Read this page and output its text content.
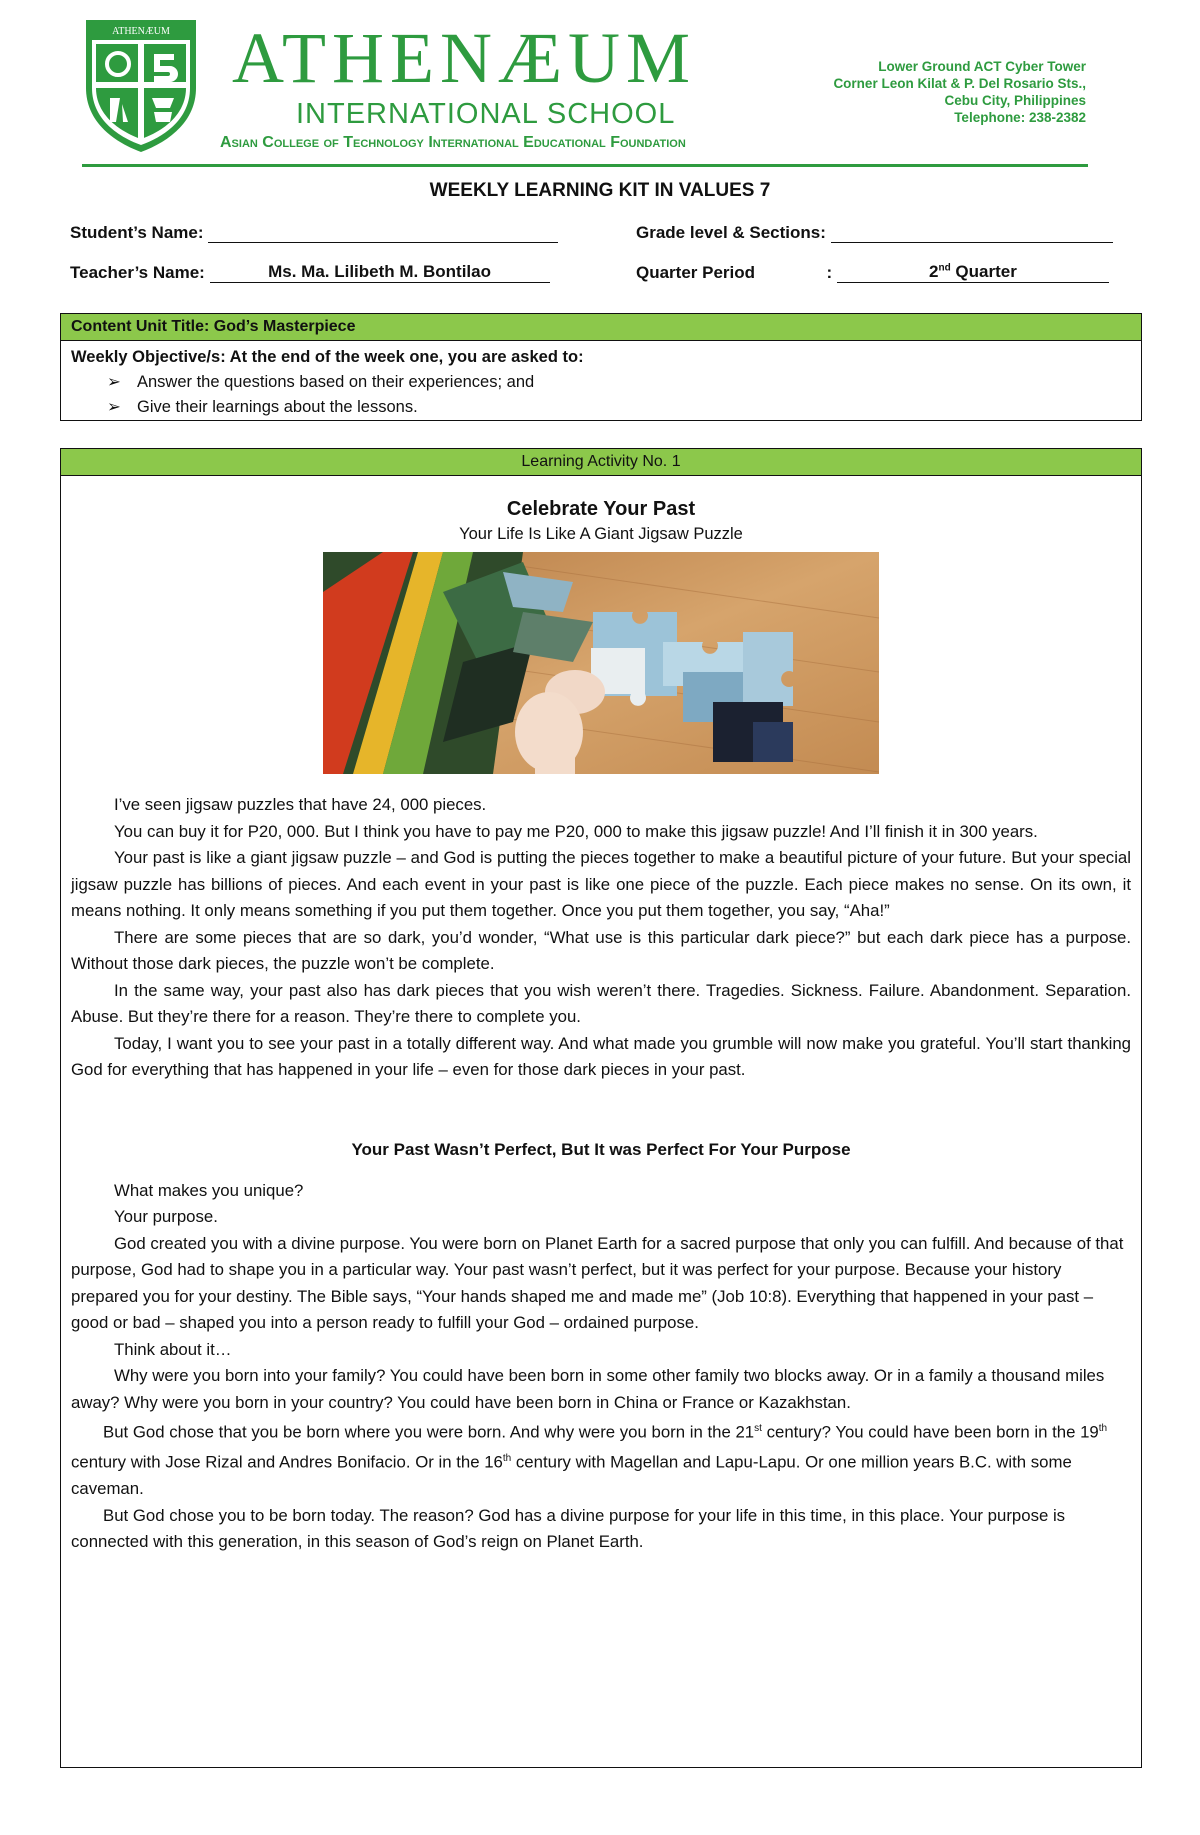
ATHENÆUM ATHENÆUM
INTERNATIONAL SCHOOL
Asian College of Technology International Educational Foundation
Lower Ground ACT Cyber Tower
Corner Leon Kilat & P. Del Rosario Sts.,
Cebu City, Philippines
Telephone: 238-2382
WEEKLY LEARNING KIT IN VALUES 7
Student’s Name:	Grade level & Sections:
Teacher’s Name:	Ms. Ma. Lilibeth M. Bontilao	Quarter Period	:	2nd Quarter
Content Unit Title: God’s Masterpiece
Weekly Objective/s: At the end of the week one, you are asked to:
➢ Answer the questions based on their experiences; and
➢ Give their learnings about the lessons.
Learning Activity No. 1
Celebrate Your Past
Your Life Is Like A Giant Jigsaw Puzzle

I’ve seen jigsaw puzzles that have 24, 000 pieces.

You can buy it for P20, 000. But I think you have to pay me P20, 000 to make this jigsaw puzzle! And I’ll finish it in 300 years.

Your past is like a giant jigsaw puzzle – and God is putting the pieces together to make a beautiful picture of your future. But your special jigsaw puzzle has billions of pieces. And each event in your past is like one piece of the puzzle. Each piece makes no sense. On its own, it means nothing. It only means something if you put them together. Once you put them together, you say, “Aha!”

There are some pieces that are so dark, you’d wonder, “What use is this particular dark piece?” but each dark piece has a purpose. Without those dark pieces, the puzzle won’t be complete.

In the same way, your past also has dark pieces that you wish weren’t there. Tragedies. Sickness. Failure. Abandonment. Separation. Abuse. But they’re there for a reason. They’re there to complete you.

Today, I want you to see your past in a totally different way. And what made you grumble will now make you grateful. You’ll start thanking God for everything that has happened in your life – even for those dark pieces in your past.

Your Past Wasn’t Perfect, But It was Perfect For Your Purpose

What makes you unique?

Your purpose.

God created you with a divine purpose. You were born on Planet Earth for a sacred purpose that only you can fulfill. And because of that purpose, God had to shape you in a particular way. Your past wasn’t perfect, but it was perfect for your purpose. Because your history prepared you for your destiny. The Bible says, “Your hands shaped me and made me” (Job 10:8). Everything that happened in your past – good or bad – shaped you into a person ready to fulfill your God – ordained purpose.

Think about it…

Why were you born into your family? You could have been born in some other family two blocks away. Or in a family a thousand miles away? Why were you born in your country? You could have been born in China or France or Kazakhstan.

But God chose that you be born where you were born. And why were you born in the 21st century? You could have been born in the 19th century with Jose Rizal and Andres Bonifacio. Or in the 16th century with Magellan and Lapu-Lapu. Or one million years B.C. with some caveman.

But God chose you to be born today. The reason? God has a divine purpose for your life in this time, in this place. Your purpose is connected with this generation, in this season of God’s reign on Planet Earth.
